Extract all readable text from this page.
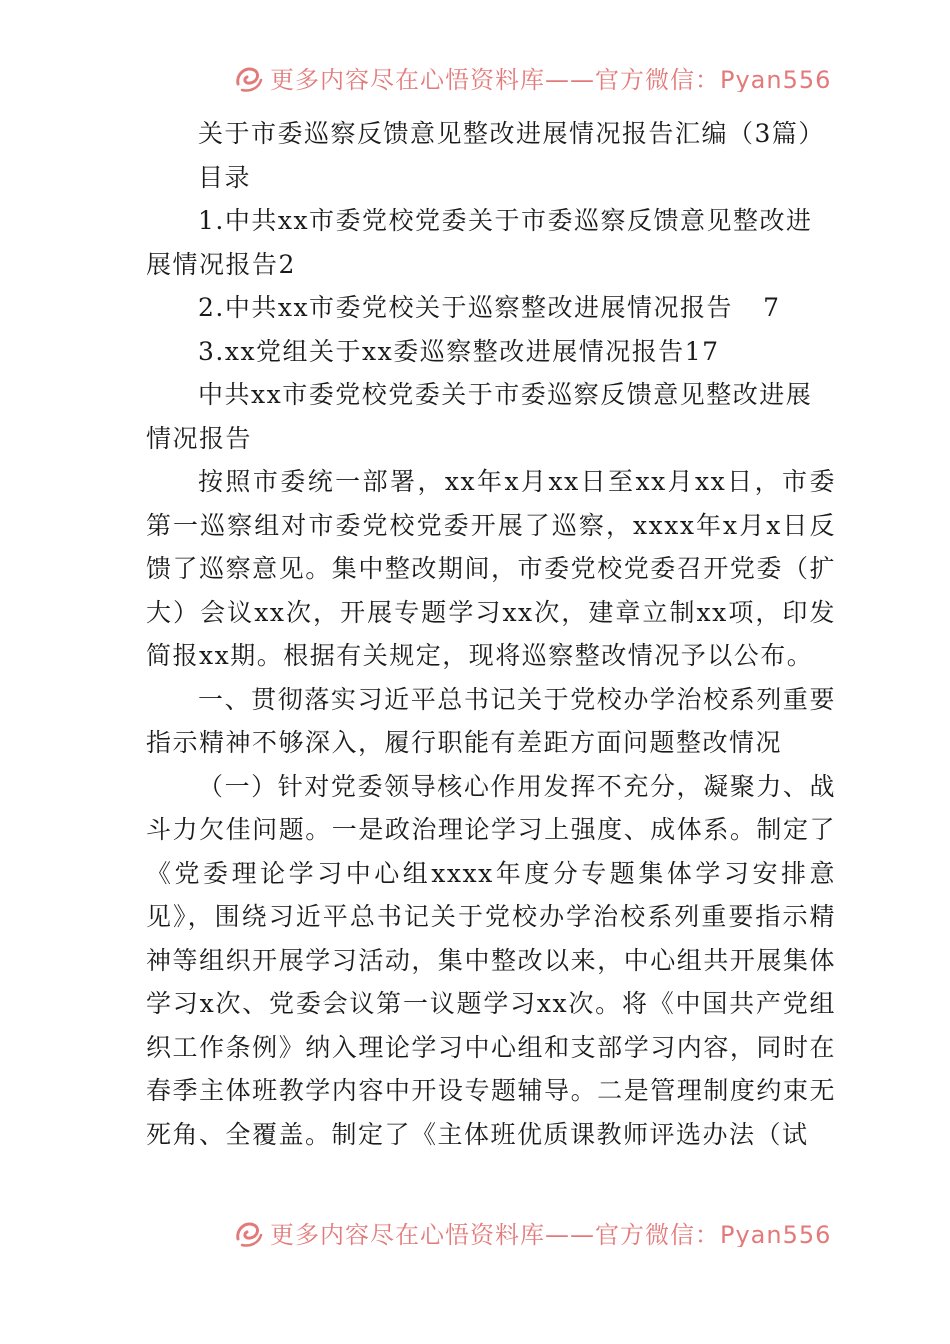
更多内容尽在心悟资料库——官方微信：Pyan556
关于市委巡察反馈意见整改进展情况报告汇编（3篇）
目录
1.中共xx市委党校党委关于市委巡察反馈意见整改进
展情况报告2
2.中共xx市委党校关于巡察整改进展情况报告 7
3.xx党组关于xx委巡察整改进展情况报告17
中共xx市委党校党委关于市委巡察反馈意见整改进展
情况报告
按照市委统一部署，xx年x月xx日至xx月xx日，市委第一巡察组对市委党校党委开展了巡察，xxxx年x月x日反馈了巡察意见。集中整改期间，市委党校党委召开党委（扩大）会议xx次，开展专题学习xx次，建章立制xx项，印发简报xx期。根据有关规定，现将巡察整改情况予以公布。
一、贯彻落实习近平总书记关于党校办学治校系列重要指示精神不够深入，履行职能有差距方面问题整改情况
（一）针对党委领导核心作用发挥不充分，凝聚力、战斗力欠佳问题。一是政治理论学习上强度、成体系。制定了《党委理论学习中心组xxxx年度分专题集体学习安排意见》，围绕习近平总书记关于党校办学治校系列重要指示精神等组织开展学习活动，集中整改以来，中心组共开展集体学习x次、党委会议第一议题学习xx次。将《中国共产党组织工作条例》纳入理论学习中心组和支部学习内容，同时在春季主体班教学内容中开设专题辅导。二是管理制度约束无死角、全覆盖。制定了《主体班优质课教师评选办法（试
更多内容尽在心悟资料库——官方微信：Pyan556
